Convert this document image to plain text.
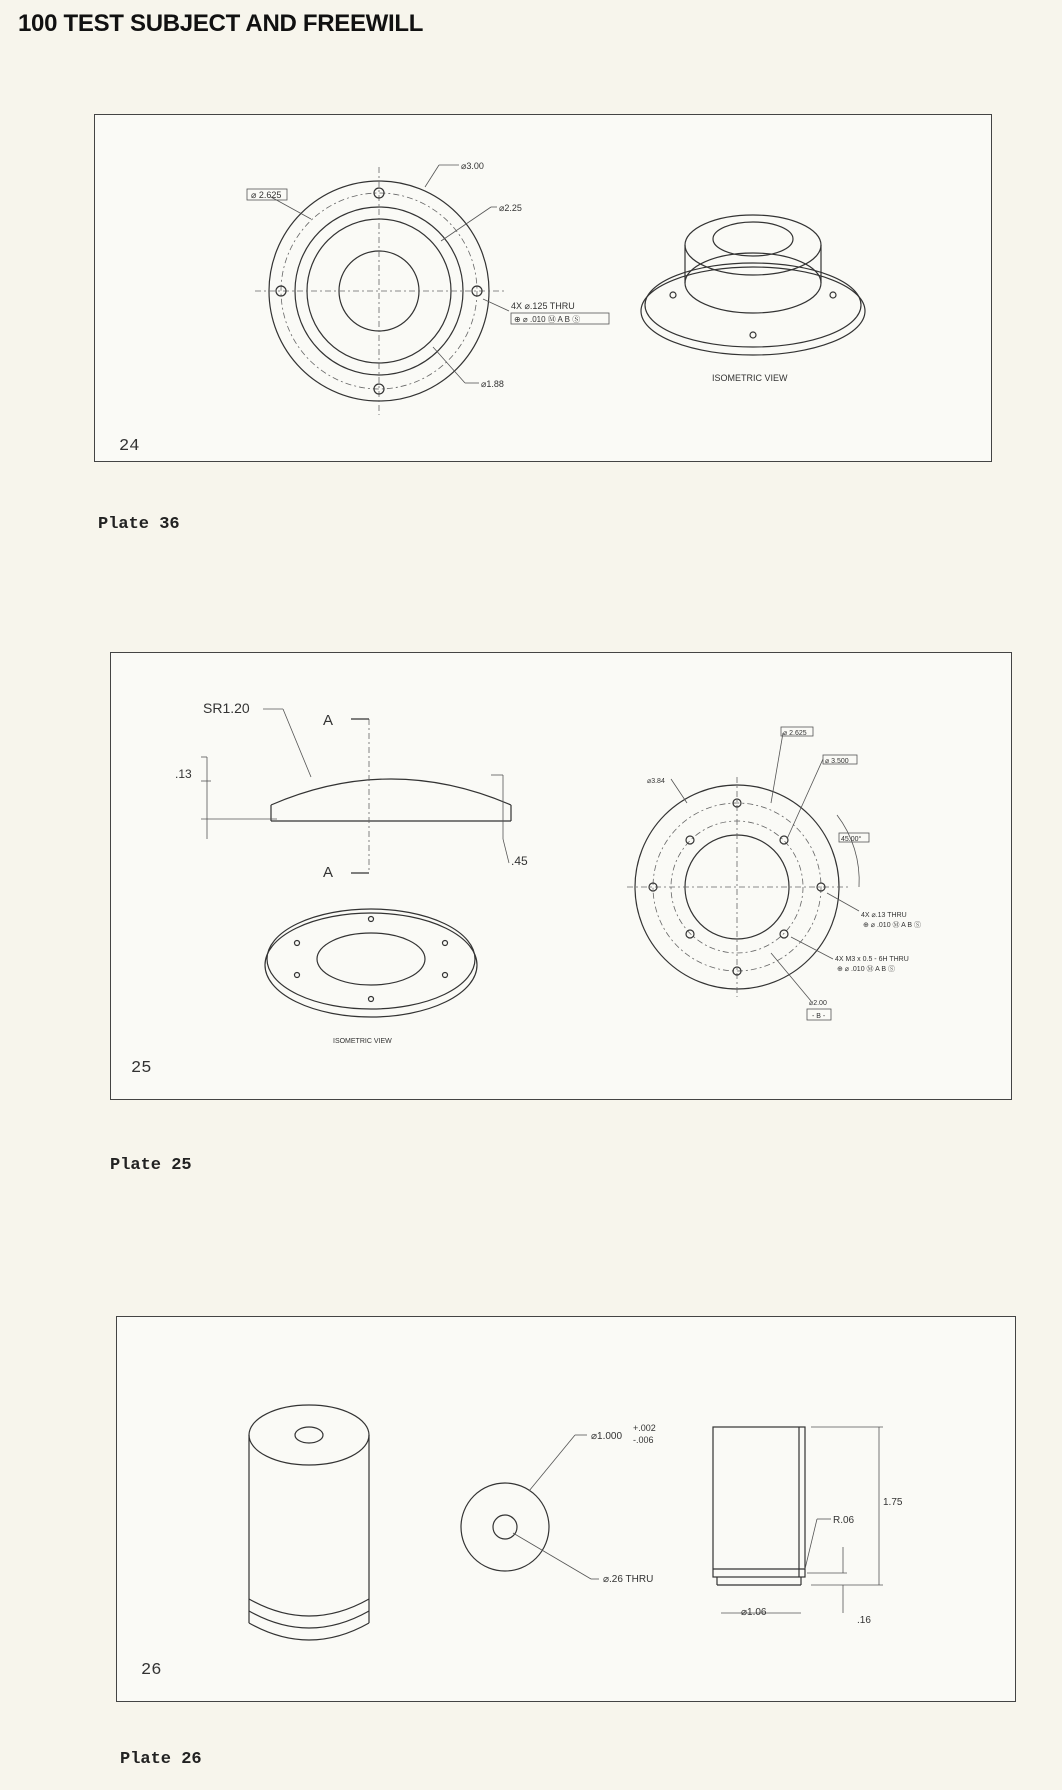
100 TEST SUBJECT AND FREEWILL
⌀3.00
⌀2.25
⌀ 2.625
4X ⌀.125 THRU
⊕ ⌀ .010 Ⓜ A B Ⓢ
⌀1.88
ISOMETRIC VIEW
24
Plate 36
SR1.20
A
A
.13
.45
ISOMETRIC VIEW
⌀ 2.625
⌀ 3.500
⌀3.84
45.00°
4X ⌀.13 THRU
⊕ ⌀ .010 Ⓜ A B Ⓢ
4X M3 x 0.5 - 6H THRU
⊕ ⌀ .010 Ⓜ A B Ⓢ
⌀2.00
- B -
25
Plate 25
⌀1.000
+.002
-.006
⌀.26 THRU
1.75
R.06
⌀1.06
.16
26
Plate 26
